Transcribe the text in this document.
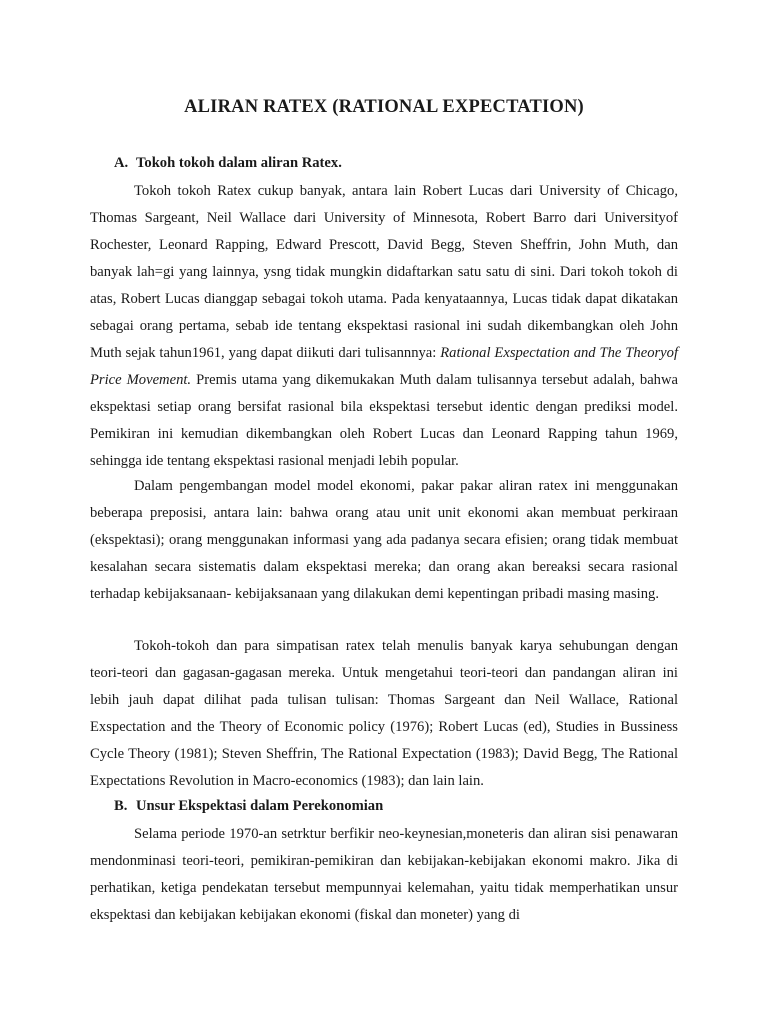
ALIRAN RATEX (RATIONAL EXPECTATION)
A. Tokoh tokoh dalam aliran Ratex.

Tokoh tokoh Ratex cukup banyak, antara lain Robert Lucas dari University of Chicago, Thomas Sargeant, Neil Wallace dari University of Minnesota, Robert Barro dari Universityof Rochester, Leonard Rapping, Edward Prescott, David Begg, Steven Sheffrin, John Muth, dan banyak lah=gi yang lainnya, ysng tidak mungkin didaftarkan satu satu di sini. Dari tokoh tokoh di atas, Robert Lucas dianggap sebagai tokoh utama. Pada kenyataannya, Lucas tidak dapat dikatakan sebagai orang pertama, sebab ide tentang ekspektasi rasional ini sudah dikembangkan oleh John Muth sejak tahun1961, yang dapat diikuti dari tulisannnya: Rational Exspectation and The Theoryof Price Movement. Premis utama yang dikemukakan Muth dalam tulisannya tersebut adalah, bahwa ekspektasi setiap orang bersifat rasional bila ekspektasi tersebut identic dengan prediksi model. Pemikiran ini kemudian dikembangkan oleh Robert Lucas dan Leonard Rapping tahun 1969, sehingga ide tentang ekspektasi rasional menjadi lebih popular.

Dalam pengembangan model model ekonomi, pakar pakar aliran ratex ini menggunakan beberapa preposisi, antara lain: bahwa orang atau unit unit ekonomi akan membuat perkiraan (ekspektasi); orang menggunakan informasi yang ada padanya secara efisien; orang tidak membuat kesalahan secara sistematis dalam ekspektasi mereka; dan orang akan bereaksi secara rasional terhadap kebijaksanaan- kebijaksanaan yang dilakukan demi kepentingan pribadi masing masing.

Tokoh-tokoh dan para simpatisan ratex telah menulis banyak karya sehubungan dengan teori-teori dan gagasan-gagasan mereka. Untuk mengetahui teori-teori dan pandangan aliran ini lebih jauh dapat dilihat pada tulisan tulisan: Thomas Sargeant dan Neil Wallace, Rational Exspectation and the Theory of Economic policy (1976); Robert Lucas (ed), Studies in Bussiness Cycle Theory (1981); Steven Sheffrin, The Rational Expectation (1983); David Begg, The Rational Expectations Revolution in Macro-economics (1983); dan lain lain.

B. Unsur Ekspektasi dalam Perekonomian

Selama periode 1970-an setrktur berfikir neo-keynesian,moneteris dan aliran sisi penawaran mendonminasi teori-teori, pemikiran-pemikiran dan kebijakan-kebijakan ekonomi makro. Jika di perhatikan, ketiga pendekatan tersebut mempunnyai kelemahan, yaitu tidak memperhatikan unsur ekspektasi dan kebijakan kebijakan ekonomi (fiskal dan moneter) yang di
